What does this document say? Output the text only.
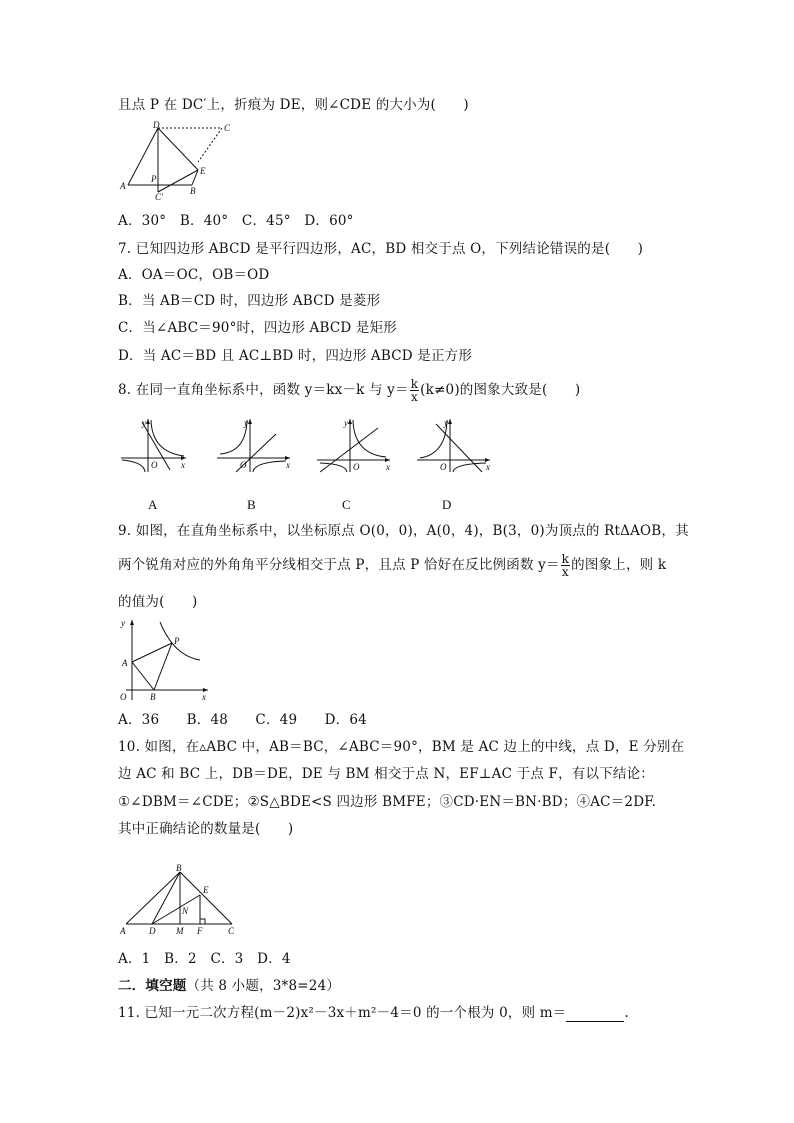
且点 P 在 DC′上，折痕为 DE，则∠CDE 的大小为(　　)
D	C
A
P
B
E
C′
A．30°　B．40°　C．45°　D．60°
7. 已知四边形 ABCD 是平行四边形，AC，BD 相交于点 O，下列结论错误的是(　　)
A．OA＝OC，OB＝OD
B．当 AB＝CD 时，四边形 ABCD 是菱形
C．当∠ABC＝90°时，四边形 ABCD 是矩形
D．当 AC＝BD 且 AC⊥BD 时，四边形 ABCD 是正方形
8. 在同一直角坐标系中，函数 y＝kx－k 与 $y= \frac{k}{x} (k\ne 0)$的图象大致是(　　)
y
x
O
A
y
x
O
B
y
x
O
C
y
x
O
D
9. 如图，在直角坐标系中，以坐标原点 O(0，0)，A(0，4)，B(3，0)为顶点的 RtΔAOB，其
两个锐角对应的外角角平分线相交于点 P，且点 P 恰好在反比例函数 $y= \frac{k}{x}$ 的图象上，则 k
的值为(　　)
y
x
O
A
B
P
A．36　　B．48　　C．49　　D．64
10. 如图，在▵ABC 中，AB＝BC，∠ABC＝90°，BM 是 AC 边上的中线，点 D，E 分别在
边 AC 和 BC 上，DB＝DE，DE 与 BM 相交于点 N，EF⊥AC 于点 F，有以下结论：
①∠DBM＝∠CDE；②S△BDE<S 四边形 BMFE；③CD·EN＝BN·BD；④AC＝2DF.
其中正确结论的数量是(　　)
B
E
N
A	D M F	C
A．1　B．2　C．3　D．4
二．填空题（共 8 小题，3*8=24）
11. 已知一元二次方程(m－2)x²－3x＋m²－4＝0 的一个根为 0，则 m＝	.
